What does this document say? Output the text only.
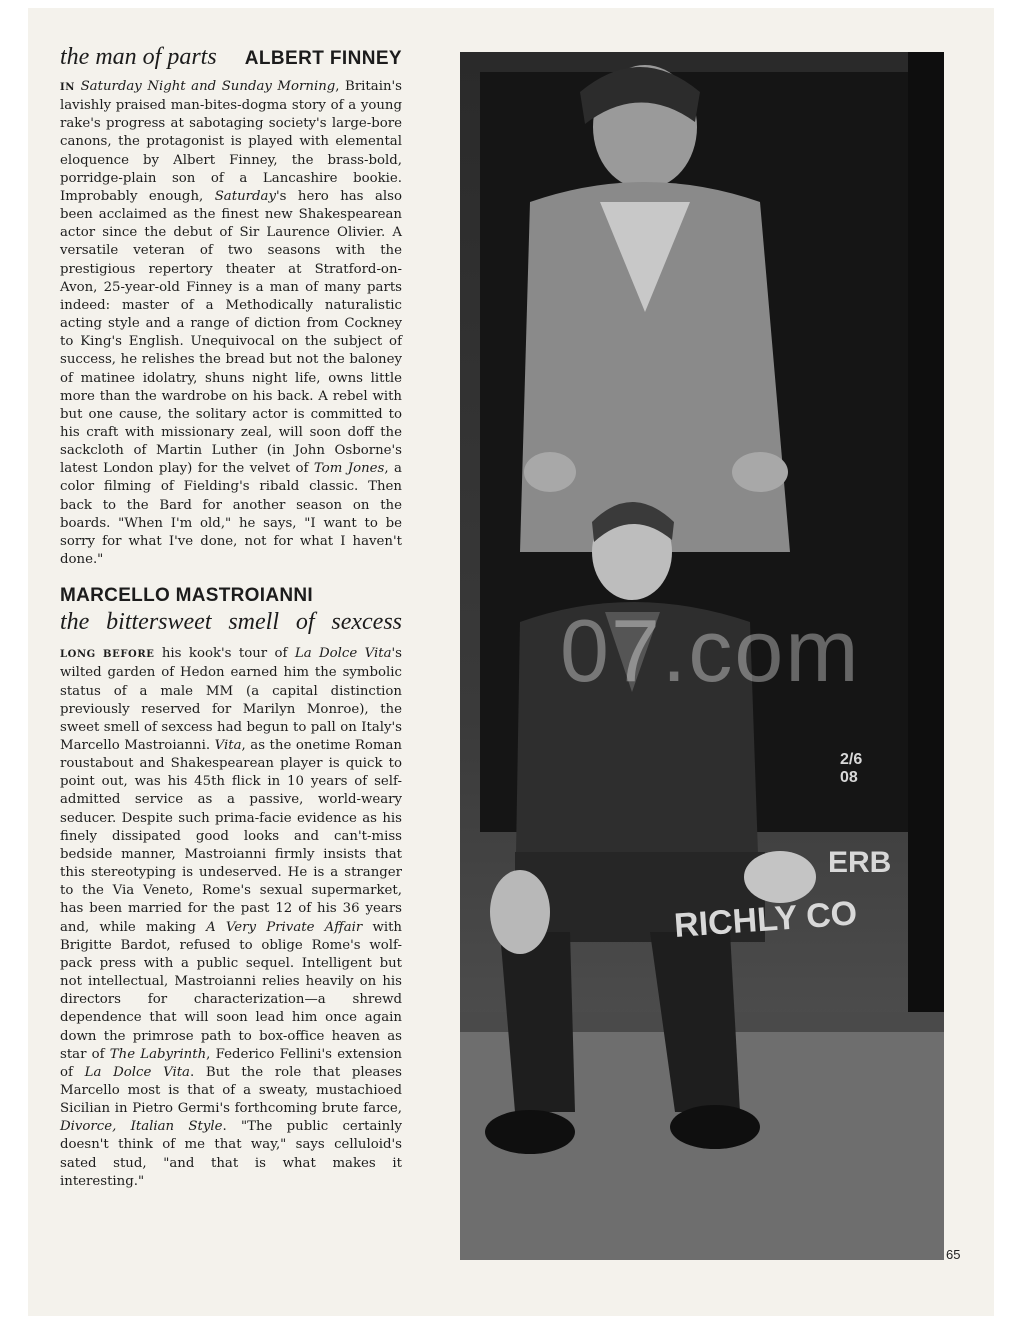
the man of parts ALBERT FINNEY

IN Saturday Night and Sunday Morning, Britain's lavishly praised man-bites-dogma story of a young rake's progress at sabotaging society's large-bore canons, the protagonist is played with elemental eloquence by Albert Finney, the brass-bold, porridge-plain son of a Lancashire bookie. Improbably enough, Saturday's hero has also been acclaimed as the finest new Shakespearean actor since the debut of Sir Laurence Olivier. A versatile veteran of two seasons with the prestigious repertory theater at Stratford-on-Avon, 25-year-old Finney is a man of many parts indeed: master of a Methodically naturalistic acting style and a range of diction from Cockney to King's English. Unequivocal on the subject of success, he relishes the bread but not the baloney of matinee idolatry, shuns night life, owns little more than the wardrobe on his back. A rebel with but one cause, the solitary actor is committed to his craft with missionary zeal, will soon doff the sackcloth of Martin Luther (in John Osborne's latest London play) for the velvet of Tom Jones, a color filming of Fielding's ribald classic. Then back to the Bard for another season on the boards. "When I'm old," he says, "I want to be sorry for what I've done, not for what I haven't done."

MARCELLO MASTROIANNI
the bittersweet smell of sexcess

LONG BEFORE his kook's tour of La Dolce Vita's wilted garden of Hedon earned him the symbolic status of a male MM (a capital distinction previously reserved for Marilyn Monroe), the sweet smell of sexcess had begun to pall on Italy's Marcello Mastroianni. Vita, as the onetime Roman roustabout and Shakespearean player is quick to point out, was his 45th flick in 10 years of self-admitted service as a passive, world-weary seducer. Despite such prima-facie evidence as his finely dissipated good looks and can't-miss bedside manner, Mastroianni firmly insists that this stereotyping is undeserved. He is a stranger to the Via Veneto, Rome's sexual supermarket, has been married for the past 12 of his 36 years and, while making A Very Private Affair with Brigitte Bardot, refused to oblige Rome's wolf-pack press with a public sequel. Intelligent but not intellectual, Mastroianni relies heavily on his directors for characterization—a shrewd dependence that will soon lead him once again down the primrose path to box-office heaven as star of The Labyrinth, Federico Fellini's extension of La Dolce Vita. But the role that pleases Marcello most is that of a sweaty, mustachioed Sicilian in Pietro Germi's forthcoming brute farce, Divorce, Italian Style. "The public certainly doesn't think of me that way," says celluloid's sated stud, "and that is what makes it interesting."

RICHLY CO
ERB
2/6
08
07.com
65
